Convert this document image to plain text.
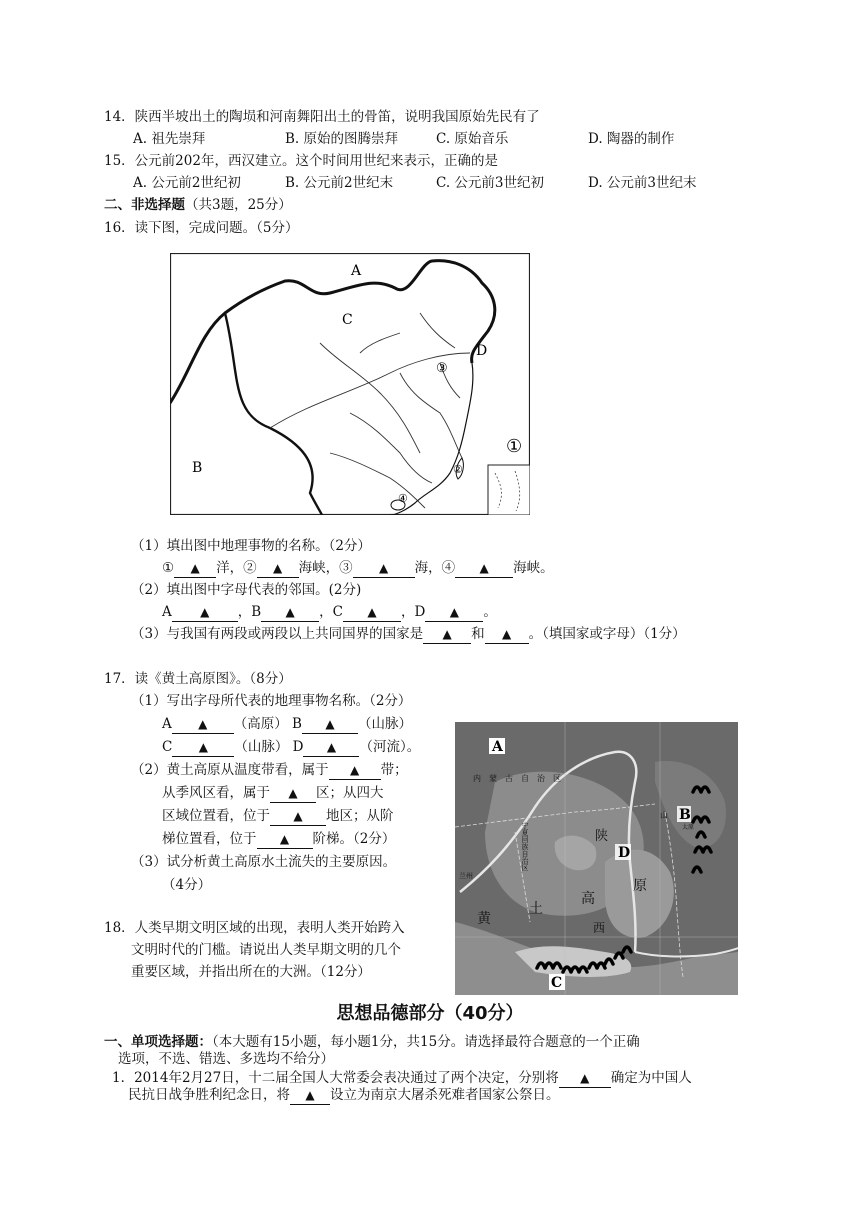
14．陕西半坡出土的陶埙和河南舞阳出土的骨笛，说明我国原始先民有了
A. 祖先崇拜	B. 原始的图腾崇拜	C. 原始音乐	D. 陶器的制作
15．公元前202年，西汉建立。这个时间用世纪来表示，正确的是
A. 公元前2世纪初	B. 公元前2世纪末	C. 公元前3世纪初	D. 公元前3世纪末
二、非选择题（共3题，25分）
16．读下图，完成问题。（5分）
A
C
D
B
①
②
③
④
（1）填出图中地理事物的名称。（2分）
① ▲ 洋，② ▲ 海峡，③ ▲ 海，④ ▲ 海峡。
（2）填出图中字母代表的邻国。(2分)
A ▲ ，B ▲ ，C ▲ ，D ▲ 。
（3）与我国有两段或两段以上共同国界的国家是 ▲ 和 ▲ 。（填国家或字母）（1分）
17．读《黄土高原图》。（8分）
（1）写出字母所代表的地理事物名称。（2分）
A ▲ （高原） B ▲ （山脉）
C ▲ （山脉） D ▲ （河流）。
（2）黄土高原从温度带看，属于 ▲ 带；
从季风区看，属于 ▲ 区；从四大
区域位置看，位于 ▲ 地区；从阶
梯位置看，位于 ▲ 阶梯。（2分）
（3）试分析黄土高原水土流失的主要原因。
（4分）
A
B
C
D
内　蒙　古　自　治　区
宁夏回族自治区	陕
西
黄
土
高
原
兰州
太原
山
18．人类早期文明区域的出现，表明人类开始跨入
文明时代的门槛。请说出人类早期文明的几个
重要区域，并指出所在的大洲。（12分）
思想品德部分（40分）
一、单项选择题：（本大题有15小题，每小题1分，共15分。请选择最符合题意的一个正确
选项，不选、错选、多选均不给分）
1．2014年2月27日，十二届全国人大常委会表决通过了两个决定，分别将 ▲ 确定为中国人
民抗日战争胜利纪念日，将 ▲ 设立为南京大屠杀死难者国家公祭日。
